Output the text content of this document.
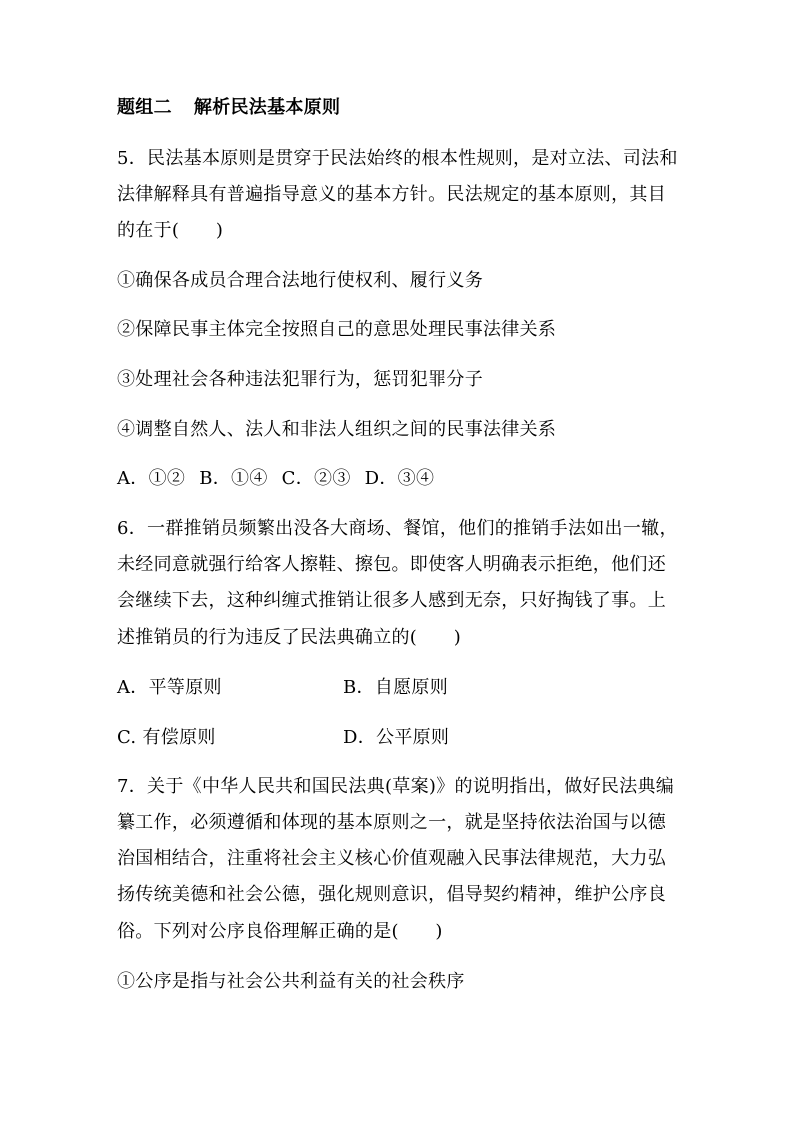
题组二 解析民法基本原则
5．民法基本原则是贯穿于民法始终的根本性规则，是对立法、司法和
法律解释具有普遍指导意义的基本方针。民法规定的基本原则，其目
的在于(　　)
①确保各成员合理合法地行使权利、履行义务
②保障民事主体完全按照自己的意思处理民事法律关系
③处理社会各种违法犯罪行为，惩罚犯罪分子
④调整自然人、法人和非法人组织之间的民事法律关系
A．①② B．①④ C．②③ D．③④
6．一群推销员频繁出没各大商场、餐馆，他们的推销手法如出一辙，
未经同意就强行给客人擦鞋、擦包。即使客人明确表示拒绝，他们还
会继续下去，这种纠缠式推销让很多人感到无奈，只好掏钱了事。上
述推销员的行为违反了民法典确立的(　　)
A．平等原则	B．自愿原则
C. 有偿原则	D．公平原则
7．关于《中华人民共和国民法典(草案)》的说明指出，做好民法典编
纂工作，必须遵循和体现的基本原则之一，就是坚持依法治国与以德
治国相结合，注重将社会主义核心价值观融入民事法律规范，大力弘
扬传统美德和社会公德，强化规则意识，倡导契约精神，维护公序良
俗。下列对公序良俗理解正确的是(　　)
①公序是指与社会公共利益有关的社会秩序
